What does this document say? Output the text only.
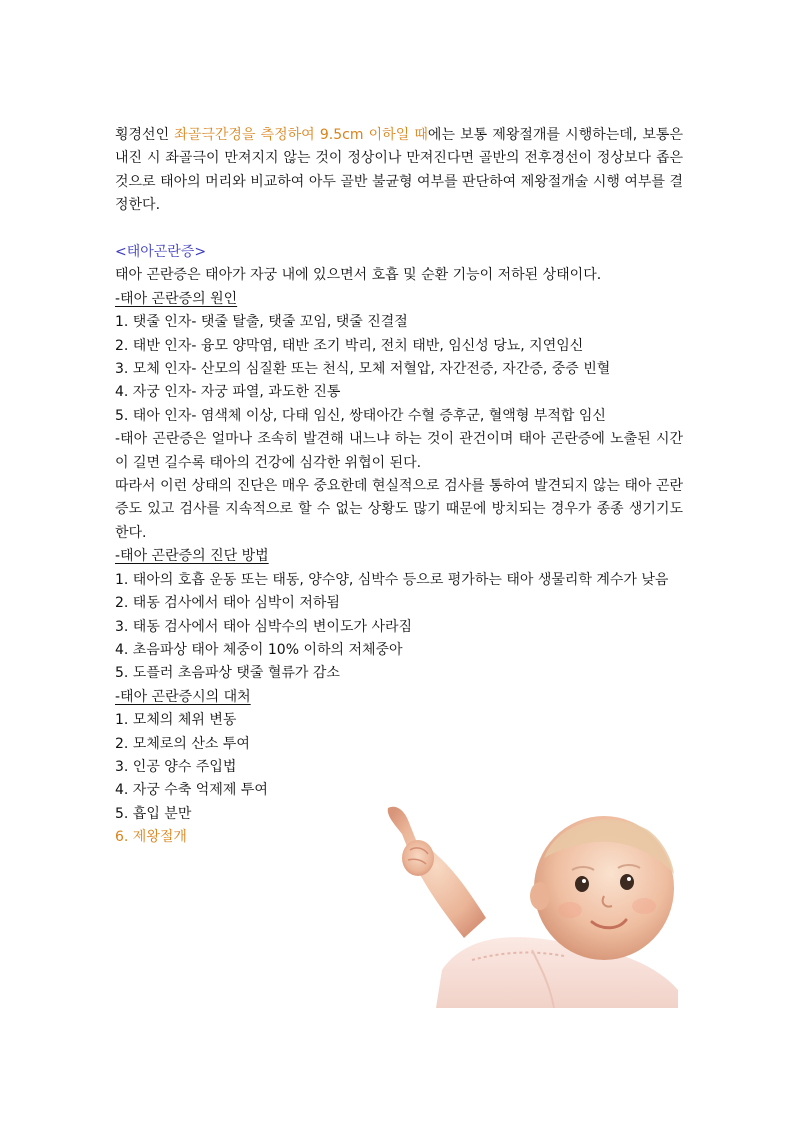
횡경선인 좌골극간경을 측정하여 9.5cm 이하일 때에는 보통 제왕절개를 시행하는데, 보통은 내진 시 좌골극이 만져지지 않는 것이 정상이나 만져진다면 골반의 전후경선이 정상보다 좁은 것으로 태아의 머리와 비교하여 아두 골반 불균형 여부를 판단하여 제왕절개술 시행 여부를 결정한다.
<태아곤란증>
태아 곤란증은 태아가 자궁 내에 있으면서 호흡 및 순환 기능이 저하된 상태이다.
-태아 곤란증의 원인
1. 탯줄 인자- 탯줄 탈출, 탯줄 꼬임, 탯줄 진결절
2. 태반 인자- 융모 양막염, 태반 조기 박리, 전치 태반, 임신성 당뇨, 지연임신
3. 모체 인자- 산모의 심질환 또는 천식, 모체 저혈압, 자간전증, 자간증, 중증 빈혈
4. 자궁 인자- 자궁 파열, 과도한 진통
5. 태아 인자- 염색체 이상, 다태 임신, 쌍태아간 수혈 증후군, 혈액형 부적합 임신
-태아 곤란증은 얼마나 조속히 발견해 내느냐 하는 것이 관건이며 태아 곤란증에 노출된 시간이 길면 길수록 태아의 건강에 심각한 위협이 된다.
따라서 이런 상태의 진단은 매우 중요한데 현실적으로 검사를 통하여 발견되지 않는 태아 곤란증도 있고 검사를 지속적으로 할 수 없는 상황도 많기 때문에 방치되는 경우가 종종 생기기도 한다.
-태아 곤란증의 진단 방법
1. 태아의 호흡 운동 또는 태동, 양수양, 심박수 등으로 평가하는 태아 생물리학 계수가 낮음
2. 태동 검사에서 태아 심박이 저하됨
3. 태동 검사에서 태아 심박수의 변이도가 사라짐
4. 초음파상 태아 체중이 10% 이하의 저체중아
5. 도플러 초음파상 탯줄 혈류가 감소
-태아 곤란증시의 대처
1. 모체의 체위 변동
2. 모체로의 산소 투여
3. 인공 양수 주입법
4. 자궁 수축 억제제 투여
5. 흡입 분만
6. 제왕절개
